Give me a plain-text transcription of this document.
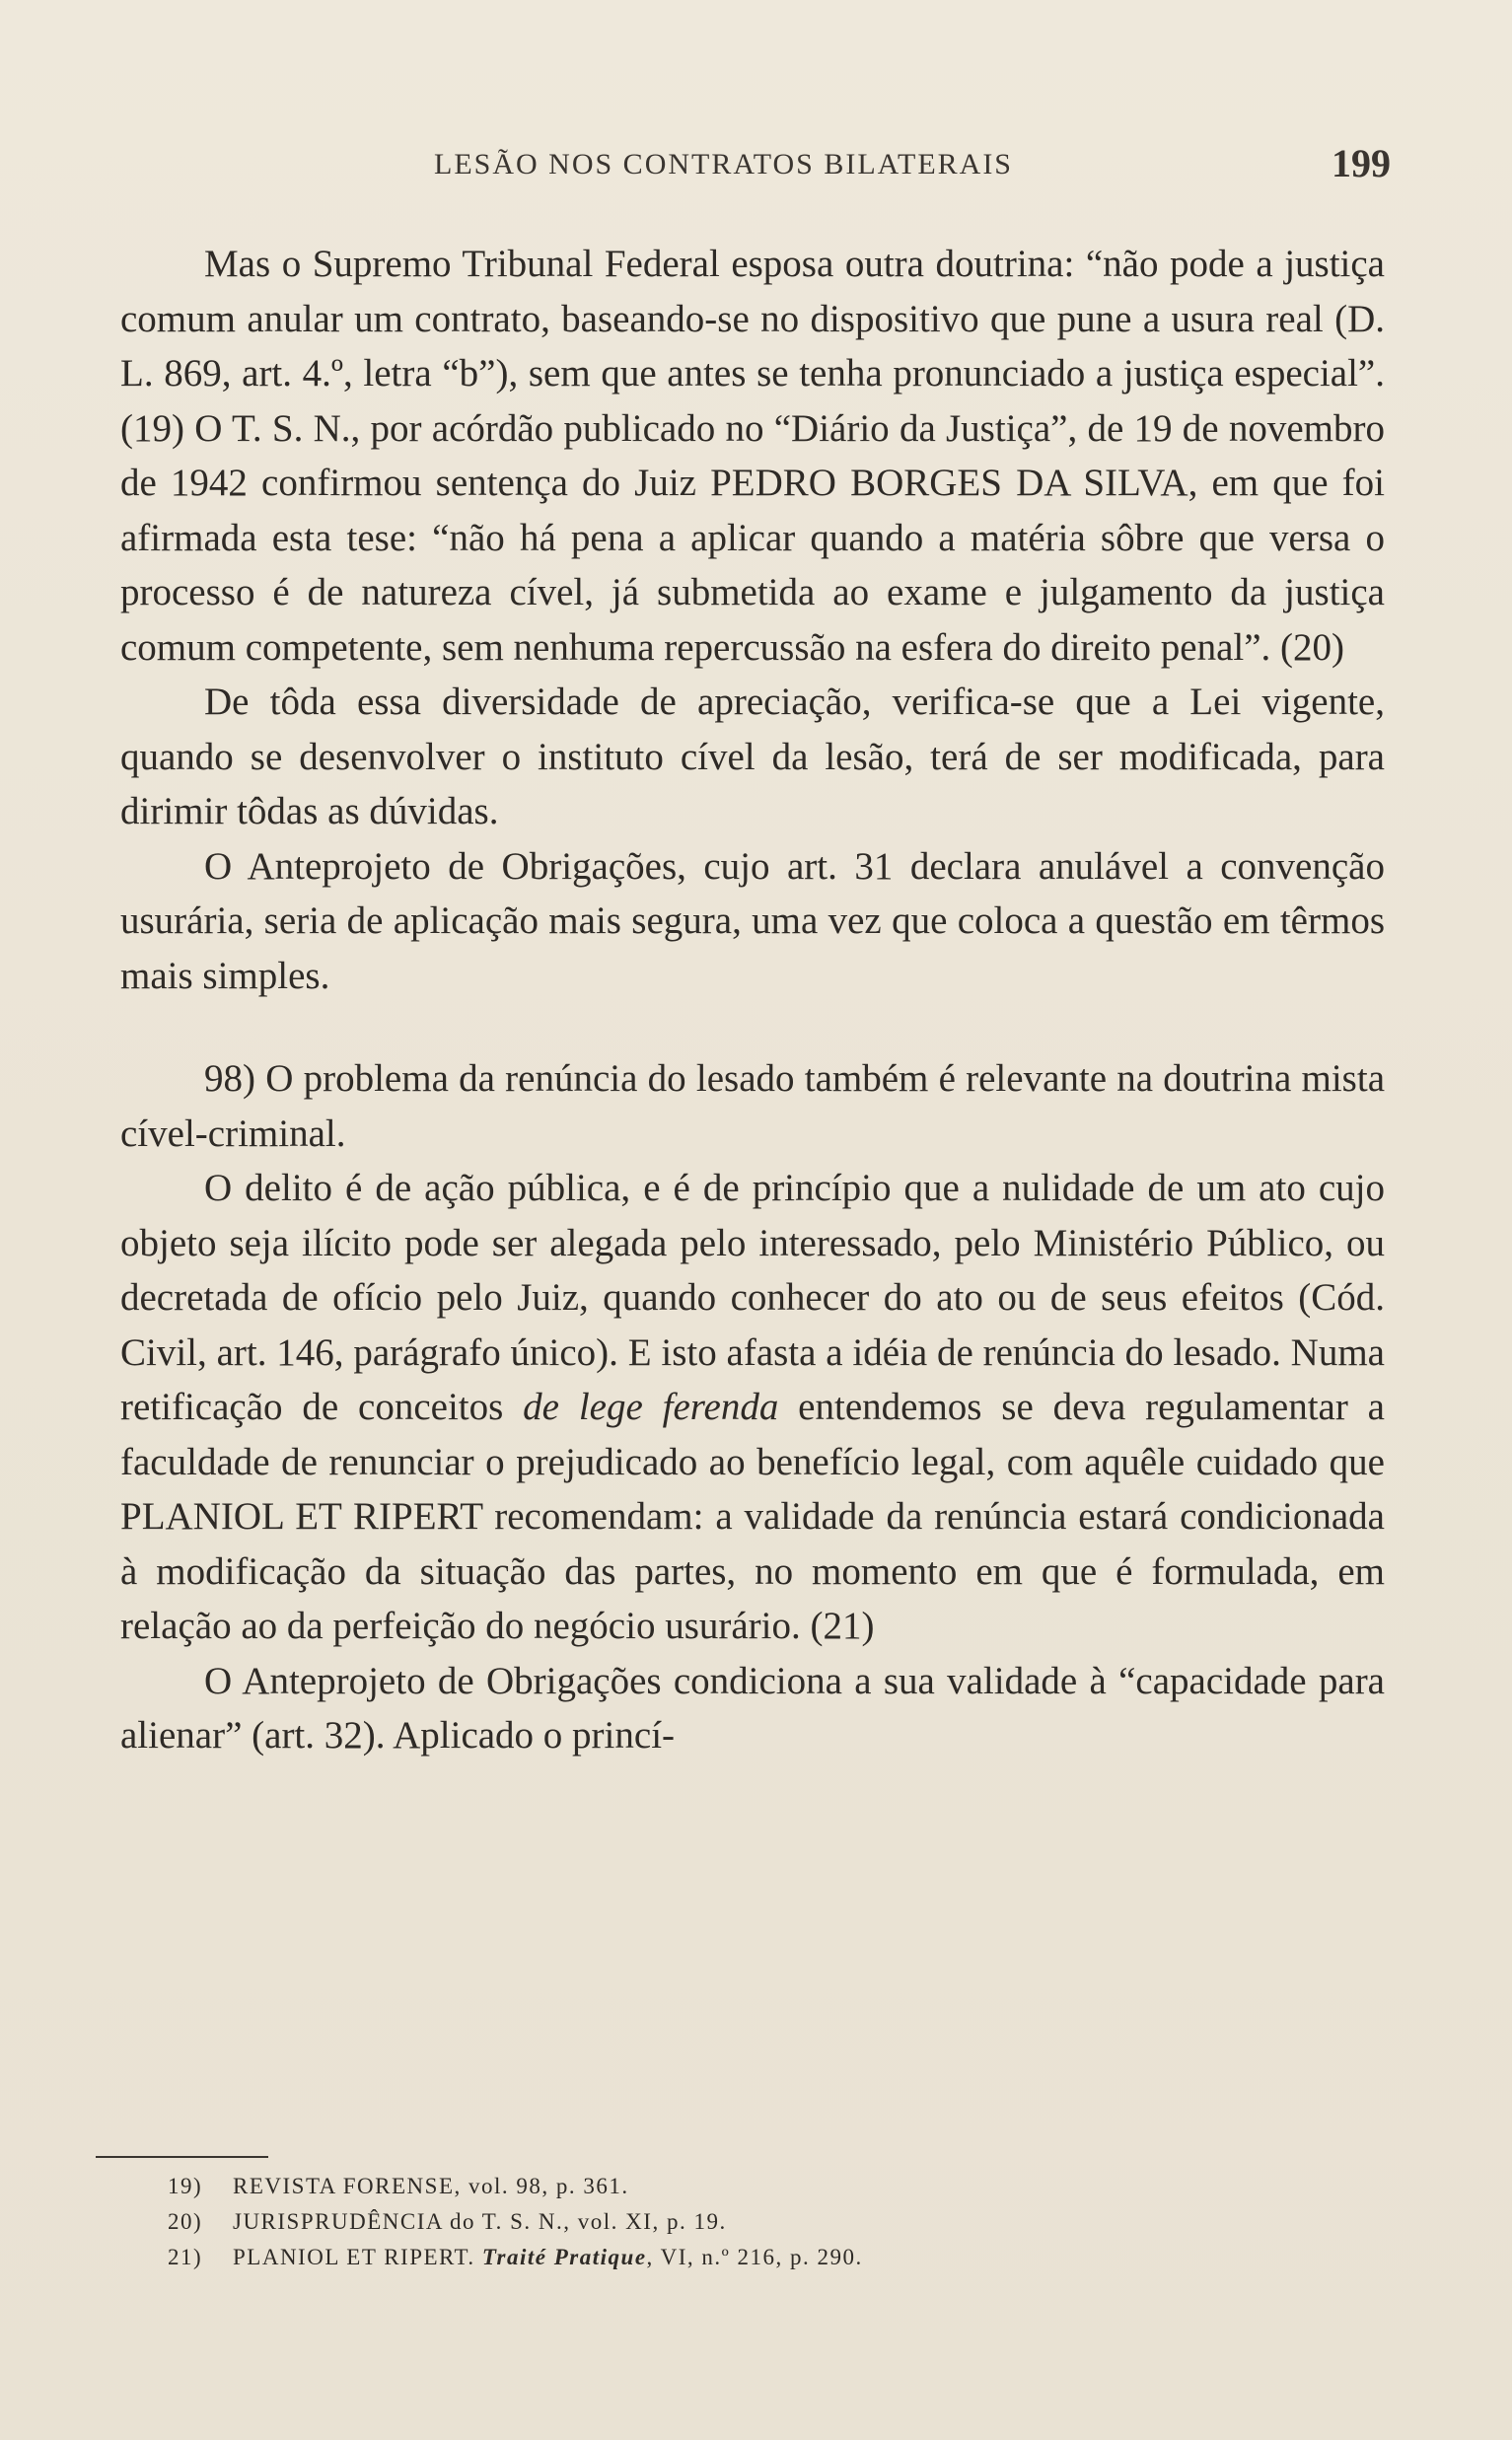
LESÃO NOS CONTRATOS BILATERAIS	199

Mas o Supremo Tribunal Federal esposa outra doutrina: “não pode a justiça comum anular um contrato, baseando-se no dispositivo que pune a usura real (D. L. 869, art. 4.º, letra “b”), sem que antes se tenha pronunciado a justiça especial”. (19) O T. S. N., por acórdão publicado no “Diário da Justiça”, de 19 de novembro de 1942 confirmou sentença do Juiz PEDRO BORGES DA SILVA, em que foi afirmada esta tese: “não há pena a aplicar quando a matéria sôbre que versa o processo é de natureza cível, já submetida ao exame e julgamento da justiça comum competente, sem nenhuma repercussão na esfera do direito penal”. (20)

De tôda essa diversidade de apreciação, verifica-se que a Lei vigente, quando se desenvolver o instituto cível da lesão, terá de ser modificada, para dirimir tôdas as dúvidas.

O Anteprojeto de Obrigações, cujo art. 31 declara anulável a convenção usurária, seria de aplicação mais segura, uma vez que coloca a questão em têrmos mais simples.

98) O problema da renúncia do lesado também é relevante na doutrina mista cível-criminal.

O delito é de ação pública, e é de princípio que a nulidade de um ato cujo objeto seja ilícito pode ser alegada pelo interessado, pelo Ministério Público, ou decretada de ofício pelo Juiz, quando conhecer do ato ou de seus efeitos (Cód. Civil, art. 146, parágrafo único). E isto afasta a idéia de renúncia do lesado. Numa retificação de conceitos de lege ferenda entendemos se deva regulamentar a faculdade de renunciar o prejudicado ao benefício legal, com aquêle cuidado que PLANIOL ET RIPERT recomendam: a validade da renúncia estará condicionada à modificação da situação das partes, no momento em que é formulada, em relação ao da perfeição do negócio usurário. (21)

O Anteprojeto de Obrigações condiciona a sua validade à “capacidade para alienar” (art. 32). Aplicado o princí-

19) REVISTA FORENSE, vol. 98, p. 361.
20) JURISPRUDÊNCIA do T. S. N., vol. XI, p. 19.
21) PLANIOL ET RIPERT. Traité Pratique, VI, n.º 216, p. 290.
